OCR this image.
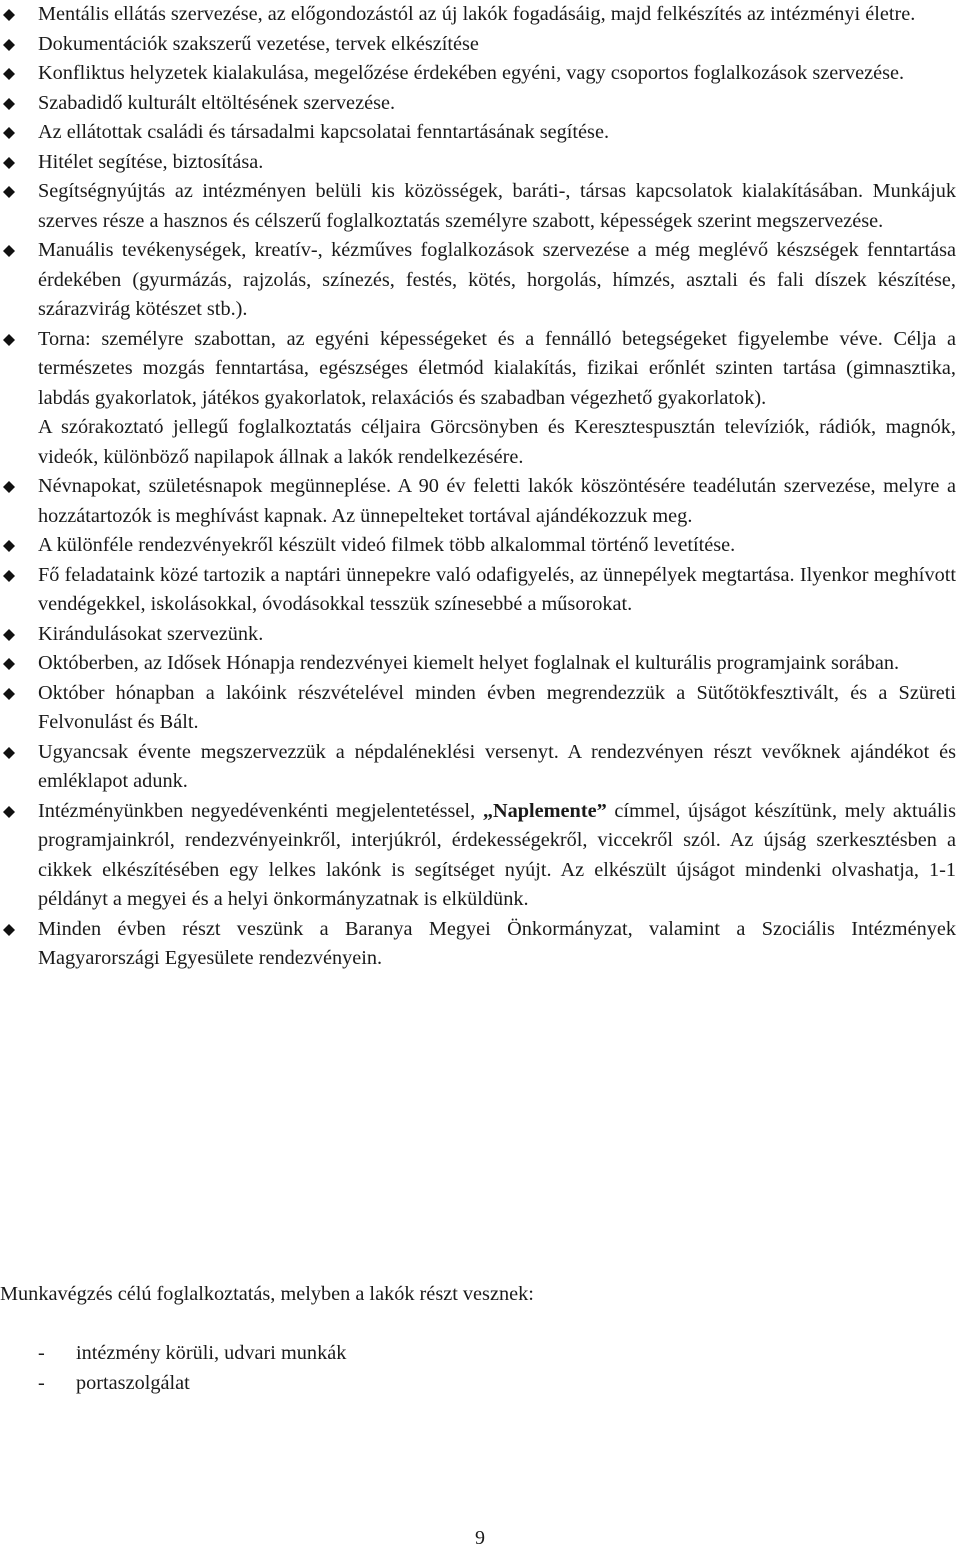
Mentális ellátás szervezése, az előgondozástól az új lakók fogadásáig, majd felkészítés az intézményi életre.
Dokumentációk szakszerű vezetése, tervek elkészítése
Konfliktus helyzetek kialakulása, megelőzése érdekében egyéni, vagy csoportos foglalkozások szervezése.
Szabadidő kulturált eltöltésének szervezése.
Az ellátottak családi és társadalmi kapcsolatai fenntartásának segítése.
Hitélet segítése, biztosítása.
Segítségnyújtás az intézményen belüli kis közösségek, baráti-, társas kapcsolatok kialakításában. Munkájuk szerves része a hasznos és célszerű foglalkoztatás személyre szabott, képességek szerint megszervezése.
Manuális tevékenységek, kreatív-, kézműves foglalkozások szervezése a még meglévő készségek fenntartása érdekében (gyurmázás, rajzolás, színezés, festés, kötés, horgolás, hímzés, asztali és fali díszek készítése, szárazvirág kötészet stb.).
Torna: személyre szabottan, az egyéni képességeket és a fennálló betegségeket figyelembe véve. Célja a természetes mozgás fenntartása, egészséges életmód kialakítás, fizikai erőnlét szinten tartása (gimnasztika, labdás gyakorlatok, játékos gyakorlatok, relaxációs és szabadban végezhető gyakorlatok).
A szórakoztató jellegű foglalkoztatás céljaira Görcsönyben és Keresztespusztán televíziók, rádiók, magnók, videók, különböző napilapok állnak a lakók rendelkezésére.
Névnapokat, születésnapok megünneplése. A 90 év feletti lakók köszöntésére teadélután szervezése, melyre a hozzátartozók is meghívást kapnak. Az ünnepelteket tortával ajándékozzuk meg.
A különféle rendezvényekről készült videó filmek több alkalommal történő levetítése.
Fő feladataink közé tartozik a naptári ünnepekre való odafigyelés, az ünnepélyek megtartása. Ilyenkor meghívott vendégekkel, iskolásokkal, óvodásokkal tesszük színesebbé a műsorokat.
Kirándulásokat szervezünk.
Októberben, az Idősek Hónapja rendezvényei kiemelt helyet foglalnak el kulturális programjaink sorában.
Október hónapban a lakóink részvételével minden évben megrendezzük a Sütőtökfesztivált, és a Szüreti Felvonulást és Bált.
Ugyancsak évente megszervezzük a népdaléneklési versenyt. A rendezvényen részt vevőknek ajándékot és emléklapot adunk.
Intézményünkben negyedévenkénti megjelentetéssel, „Naplemente” címmel, újságot készítünk, mely aktuális programjainkról, rendezvényeinkről, interjúkról, érdekességekről, viccekről szól. Az újság szerkesztésben a cikkek elkészítésében egy lelkes lakónk is segítséget nyújt. Az elkészült újságot mindenki olvashatja, 1-1 példányt a megyei és a helyi önkormányzatnak is elküldünk.
Minden évben részt veszünk a Baranya Megyei Önkormányzat, valamint a Szociális Intézmények Magyarországi Egyesülete rendezvényein.

Munkavégzés célú foglalkoztatás, melyben a lakók részt vesznek:

- intézmény körüli, udvari munkák
- portaszolgálat
9
